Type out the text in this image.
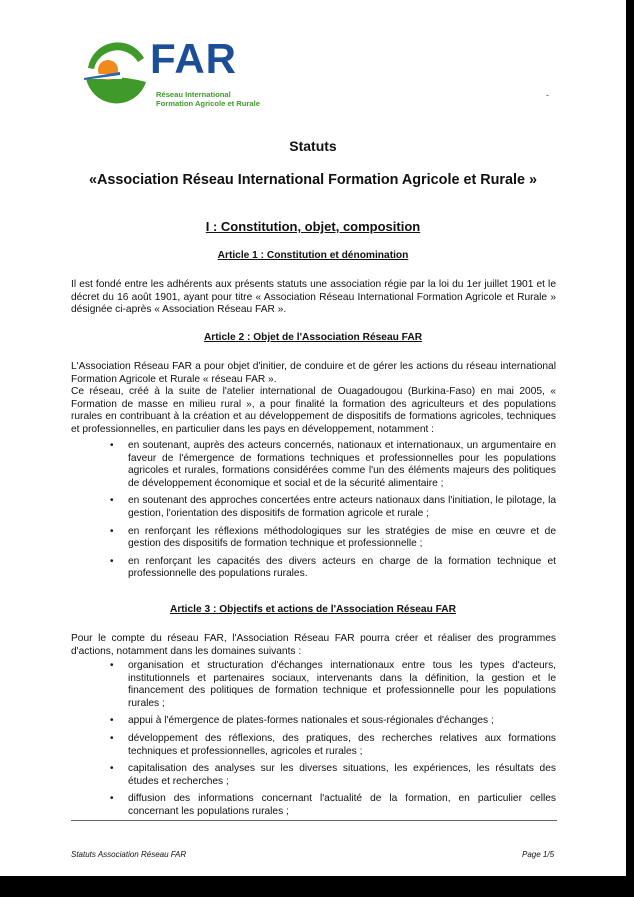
FAR
Réseau International
Formation Agricole et Rurale
-
Statuts
«Association Réseau International Formation Agricole et Rurale »
I : Constitution, objet, composition
Article 1 : Constitution et dénomination

Il est fondé entre les adhérents aux présents statuts une association régie par la loi du 1er juillet 1901 et le décret du 16 août 1901, ayant pour titre « Association Réseau International Formation Agricole et Rurale » désignée ci-après « Association Réseau FAR ».

Article 2 : Objet de l'Association Réseau FAR

L'Association Réseau FAR a pour objet d'initier, de conduire et de gérer les actions du réseau international Formation Agricole et Rurale « réseau FAR ».

Ce réseau, créé à la suite de l'atelier international de Ouagadougou (Burkina-Faso) en mai 2005, « Formation de masse en milieu rural », a pour finalité la formation des agriculteurs et des populations rurales en contribuant à la création et au développement de dispositifs de formations agricoles, techniques et professionnelles, en particulier dans les pays en développement, notamment :

• en soutenant, auprès des acteurs concernés, nationaux et internationaux, un argumentaire en faveur de l'émergence de formations techniques et professionnelles pour les populations agricoles et rurales, formations considérées comme l'un des éléments majeurs des politiques de développement économique et social et de la sécurité alimentaire ;
• en soutenant des approches concertées entre acteurs nationaux dans l'initiation, le pilotage, la gestion, l'orientation des dispositifs de formation agricole et rurale ;
• en renforçant les réflexions méthodologiques sur les stratégies de mise en œuvre et de gestion des dispositifs de formation technique et professionnelle ;
• en renforçant les capacités des divers acteurs en charge de la formation technique et professionnelle des populations rurales.
Article 3 : Objectifs et actions de l'Association Réseau FAR

Pour le compte du réseau FAR, l'Association Réseau FAR pourra créer et réaliser des programmes d'actions, notamment dans les domaines suivants :

• organisation et structuration d'échanges internationaux entre tous les types d'acteurs, institutionnels et partenaires sociaux, intervenants dans la définition, la gestion et le financement des politiques de formation technique et professionnelle pour les populations rurales ;
• appui à l'émergence de plates-formes nationales et sous-régionales d'échanges ;
• développement des réflexions, des pratiques, des recherches relatives aux formations techniques et professionnelles, agricoles et rurales ;
• capitalisation des analyses sur les diverses situations, les expériences, les résultats des études et recherches ;
• diffusion des informations concernant l'actualité de la formation, en particulier celles concernant les populations rurales ;
Statuts Association Réseau FAR	Page 1/5
